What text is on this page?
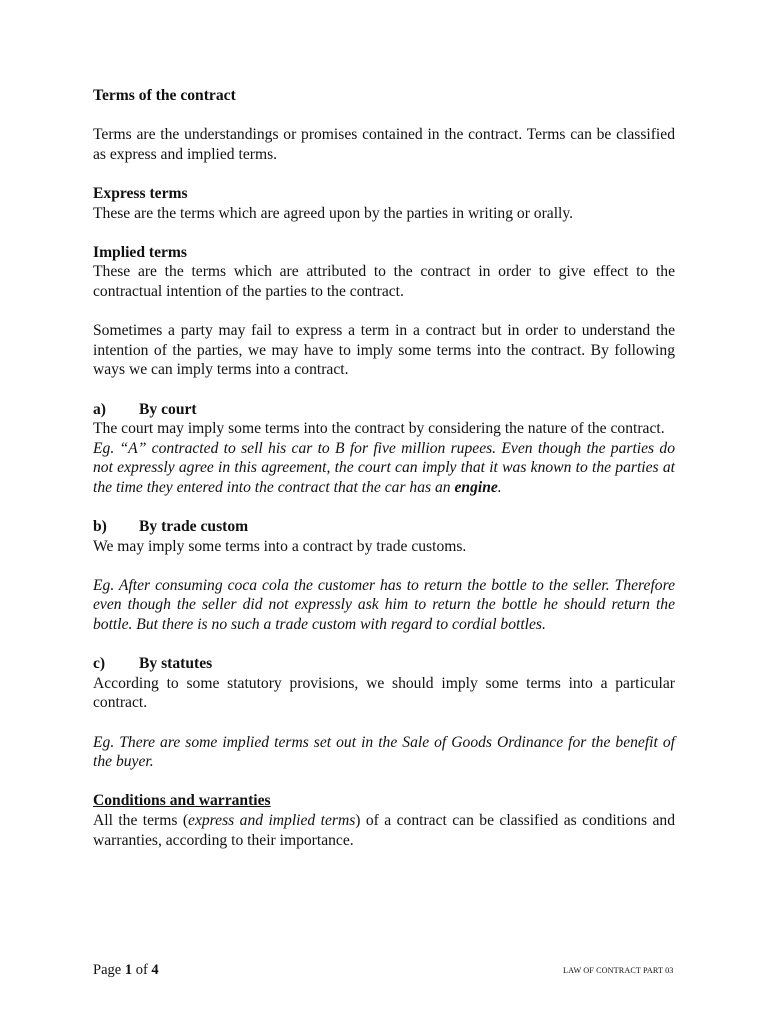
Terms of the contract

Terms are the understandings or promises contained in the contract. Terms can be classified as express and implied terms.

Express terms

These are the terms which are agreed upon by the parties in writing or orally.

Implied terms

These are the terms which are attributed to the contract in order to give effect to the contractual intention of the parties to the contract.

Sometimes a party may fail to express a term in a contract but in order to understand the intention of the parties, we may have to imply some terms into the contract. By following ways we can imply terms into a contract.

a) By court

The court may imply some terms into the contract by considering the nature of the contract.

Eg. “A” contracted to sell his car to B for five million rupees. Even though the parties do not expressly agree in this agreement, the court can imply that it was known to the parties at the time they entered into the contract that the car has an engine.

b) By trade custom

We may imply some terms into a contract by trade customs.

Eg. After consuming coca cola the customer has to return the bottle to the seller. Therefore even though the seller did not expressly ask him to return the bottle he should return the bottle. But there is no such a trade custom with regard to cordial bottles.

c) By statutes

According to some statutory provisions, we should imply some terms into a particular contract.

Eg. There are some implied terms set out in the Sale of Goods Ordinance for the benefit of the buyer.

Conditions and warranties

All the terms (express and implied terms) of a contract can be classified as conditions and warranties, according to their importance.

Page 1 of 4	LAW OF CONTRACT PART 03
